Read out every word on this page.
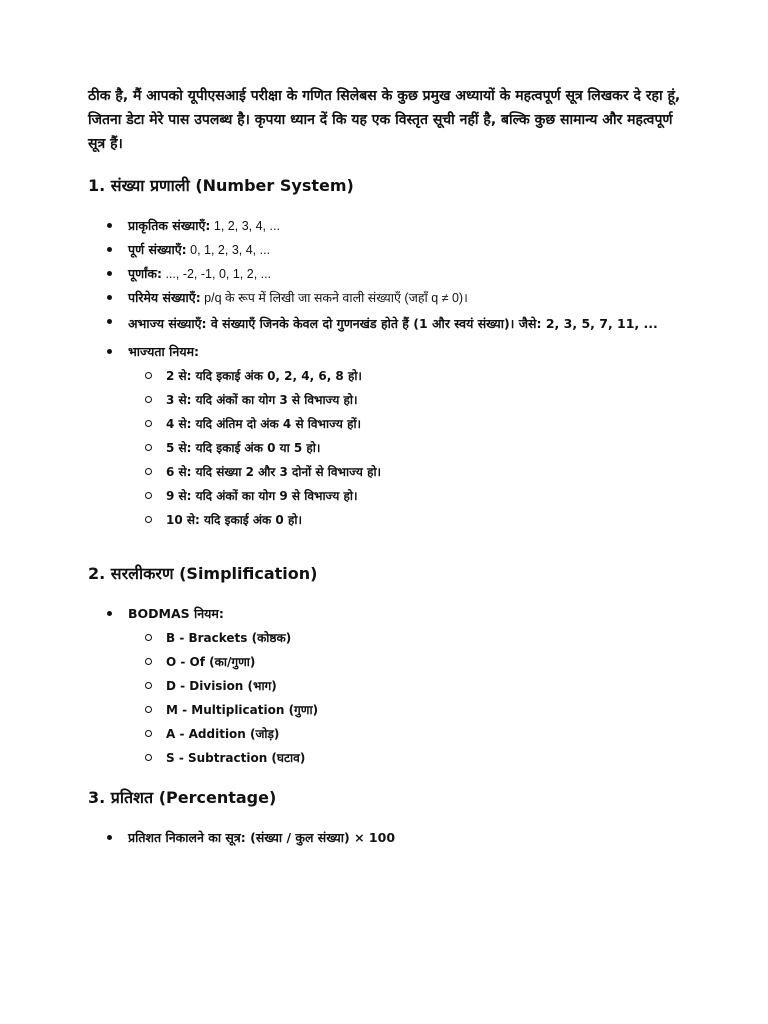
ठीक है, मैं आपको यूपीएसआई परीक्षा के गणित सिलेबस के कुछ प्रमुख अध्यायों के महत्वपूर्ण सूत्र लिखकर दे रहा हूं, जितना डेटा मेरे पास उपलब्ध है। कृपया ध्यान दें कि यह एक विस्तृत सूची नहीं है, बल्कि कुछ सामान्य और महत्वपूर्ण सूत्र हैं।

1. संख्या प्रणाली (Number System)
प्राकृतिक संख्याएँ: 1, 2, 3, 4, ...
पूर्ण संख्याएँ: 0, 1, 2, 3, 4, ...
पूर्णांक: ..., -2, -1, 0, 1, 2, ...
परिमेय संख्याएँ: p/q के रूप में लिखी जा सकने वाली संख्याएँ (जहाँ q ≠ 0)।
अभाज्य संख्याएँ: वे संख्याएँ जिनके केवल दो गुणनखंड होते हैं (1 और स्वयं संख्या)। जैसे: 2, 3, 5, 7, 11, ...
भाज्यता नियम:
2 से: यदि इकाई अंक 0, 2, 4, 6, 8 हो।
3 से: यदि अंकों का योग 3 से विभाज्य हो।
4 से: यदि अंतिम दो अंक 4 से विभाज्य हों।
5 से: यदि इकाई अंक 0 या 5 हो।
6 से: यदि संख्या 2 और 3 दोनों से विभाज्य हो।
9 से: यदि अंकों का योग 9 से विभाज्य हो।
10 से: यदि इकाई अंक 0 हो।
2. सरलीकरण (Simplification)
BODMAS नियम:
B - Brackets (कोष्ठक)
O - Of (का/गुणा)
D - Division (भाग)
M - Multiplication (गुणा)
A - Addition (जोड़)
S - Subtraction (घटाव)
3. प्रतिशत (Percentage)
प्रतिशत निकालने का सूत्र: (संख्या / कुल संख्या) × 100
